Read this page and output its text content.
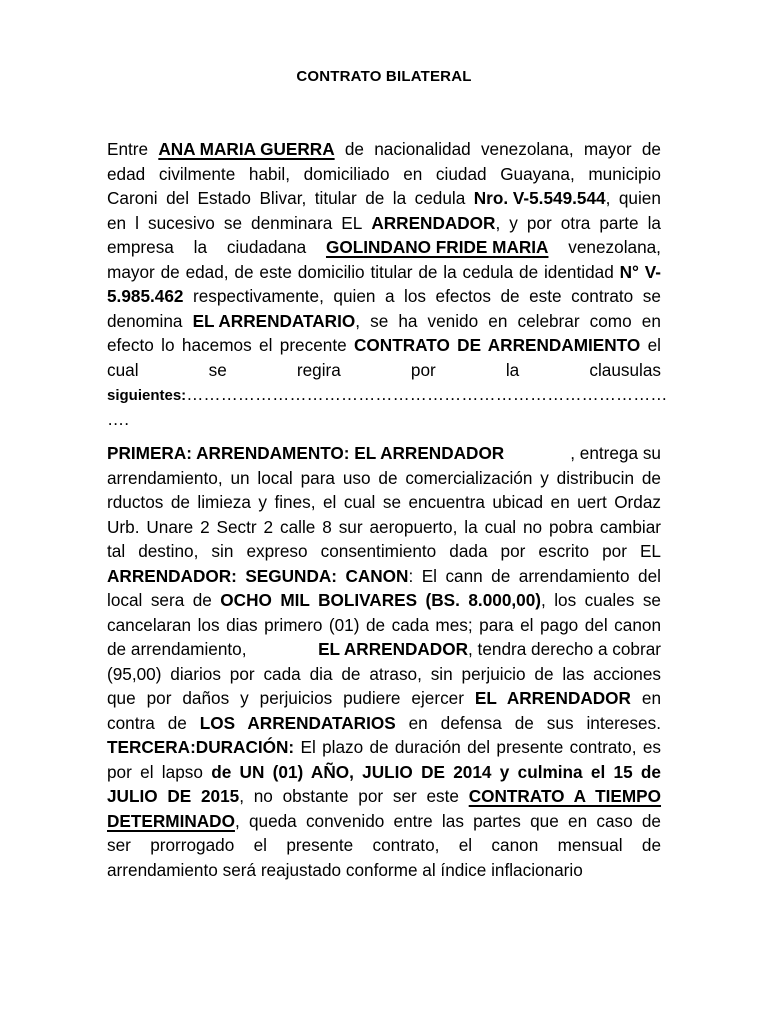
CONTRATO BILATERAL
Entre ANA MARIA GUERRA de nacionalidad venezolana, mayor de
edad civilmente habil, domiciliado en ciudad Guayana, municipio
Caroni del Estado Blivar, titular de la cedula Nro. V-5.549.544, quien
en l sucesivo se denminara EL ARRENDADOR, y por otra parte la
empresa la ciudadana GOLINDANO FRIDE MARIA venezolana,
mayor de edad, de este domicilio titular de la cedula de identidad N° V-
5.985.462 respectivamente, quien a los efectos de este contrato se
denomina EL ARRENDATARIO, se ha venido en celebrar como en
efecto lo hacemos el precente CONTRATO DE ARRENDAMIENTO el
cual	se	regira	por	la	clausulas
siguientes:…………………………………………………………………………
….
PRIMERA: ARRENDAMENTO: EL ARRENDADOR	, entrega su
arrendamiento, un local para uso de comercialización y distribucin de
rductos de limieza y fines, el cual se encuentra ubicad en uert Ordaz
Urb. Unare 2 Sectr 2 calle 8 sur aeropuerto, la cual no pobra cambiar
tal destino, sin expreso consentimiento dada por escrito por EL
ARRENDADOR: SEGUNDA: CANON: El cann de arrendamiento del
local sera de OCHO MIL BOLIVARES (BS. 8.000,00), los cuales se
cancelaran los dias primero (01) de cada mes; para el pago del canon
de arrendamiento,	EL ARRENDADOR, tendra derecho a cobrar
(95,00) diarios por cada dia de atraso, sin perjuicio de las acciones
que por daños y perjuicios pudiere ejercer EL ARRENDADOR en
contra de LOS ARRENDATARIOS en defensa de sus intereses.
TERCERA:DURACIÓN: El plazo de duración del presente contrato, es
por el lapso de UN (01) AÑO, JULIO DE 2014 y culmina el 15 de
JULIO DE 2015, no obstante por ser este CONTRATO A TIEMPO
DETERMINADO, queda convenido entre las partes que en caso de
ser prorrogado el presente contrato, el canon mensual de
arrendamiento será reajustado conforme al índice inflacionario
